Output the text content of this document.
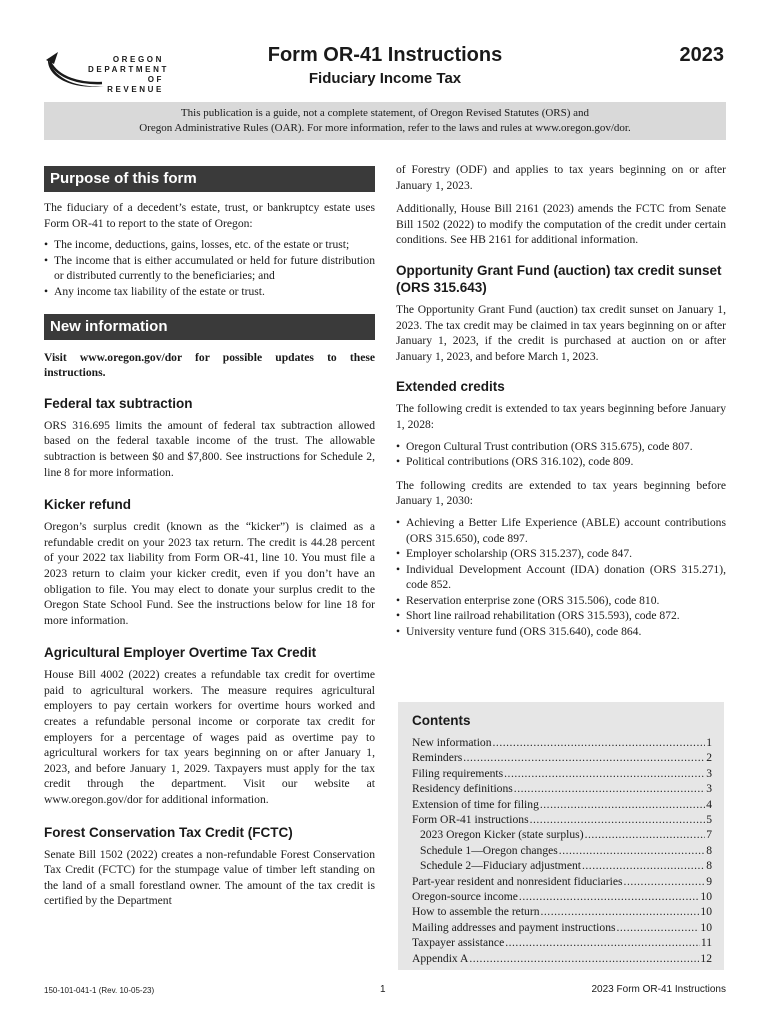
OREGON
DEPARTMENT
OF REVENUE
Form OR-41 Instructions
Fiduciary Income Tax
2023
This publication is a guide, not a complete statement, of Oregon Revised Statutes (ORS) and
Oregon Administrative Rules (OAR). For more information, refer to the laws and rules at www.oregon.gov/dor.
Purpose of this form

The fiduciary of a decedent’s estate, trust, or bankruptcy estate uses Form OR-41 to report to the state of Oregon:

• The income, deductions, gains, losses, etc. of the estate or trust;
• The income that is either accumulated or held for future distribution or distributed currently to the beneficiaries; and
• Any income tax liability of the estate or trust.
New information

Visit www.oregon.gov/dor for possible updates to these instructions.

Federal tax subtraction

ORS 316.695 limits the amount of federal tax subtraction allowed based on the federal taxable income of the trust. The allowable subtraction is between $0 and $7,800. See instructions for Schedule 2, line 8 for more information.

Kicker refund

Oregon’s surplus credit (known as the “kicker”) is claimed as a refundable credit on your 2023 tax return. The credit is 44.28 percent of your 2022 tax liability from Form OR-41, line 10. You must file a 2023 return to claim your kicker credit, even if you don’t have an obligation to file. You may elect to donate your surplus credit to the Oregon State School Fund. See the instructions below for line 18 for more information.

Agricultural Employer Overtime Tax Credit

House Bill 4002 (2022) creates a refundable tax credit for overtime paid to agricultural workers. The measure requires agricultural employers to pay certain workers for overtime hours worked and creates a refundable personal income or corporate tax credit for employers for a percentage of wages paid as overtime pay to agricultural workers for tax years beginning on or after January 1, 2023, and before January 1, 2029. Taxpayers must apply for the tax credit through the department. Visit our website at www.oregon.gov/dor for additional information.

Forest Conservation Tax Credit (FCTC)

Senate Bill 1502 (2022) creates a non-refundable Forest Conservation Tax Credit (FCTC) for the stumpage value of timber left standing on the land of a small forestland owner. The amount of the tax credit is certified by the Department

of Forestry (ODF) and applies to tax years beginning on or after January 1, 2023.

Additionally, House Bill 2161 (2023) amends the FCTC from Senate Bill 1502 (2022) to modify the computation of the credit under certain conditions. See HB 2161 for additional information.

Opportunity Grant Fund (auction) tax credit sunset (ORS 315.643)

The Opportunity Grant Fund (auction) tax credit sunset on January 1, 2023. The tax credit may be claimed in tax years beginning on or after January 1, 2023, if the credit is purchased at auction on or after January 1, 2023, and before March 1, 2023.

Extended credits

The following credit is extended to tax years beginning before January 1, 2028:

• Oregon Cultural Trust contribution (ORS 315.675), code 807.
• Political contributions (ORS 316.102), code 809.

The following credits are extended to tax years beginning before January 1, 2030:

• Achieving a Better Life Experience (ABLE) account contributions (ORS 315.650), code 897.
• Employer scholarship (ORS 315.237), code 847.
• Individual Development Account (IDA) donation (ORS 315.271), code 852.
• Reservation enterprise zone (ORS 315.506), code 810.
• Short line railroad rehabilitation (ORS 315.593), code 872.
• University venture fund (ORS 315.640), code 864.
Contents
New information .....	1
Reminders .....	2
Filing requirements .....	3
Residency definitions .....	3
Extension of time for filing .....	4
Form OR-41 instructions .....	5
2023 Oregon Kicker (state surplus) .....	7
Schedule 1—Oregon changes .....	8
Schedule 2—Fiduciary adjustment .....	8
Part-year resident and nonresident fiduciaries .....	9
Oregon-source income .....	10
How to assemble the return .....	10
Mailing addresses and payment instructions .....	10
Taxpayer assistance .....	11
Appendix A .....	12
150-101-041-1 (Rev. 10-05-23)	1	2023 Form OR-41 Instructions
